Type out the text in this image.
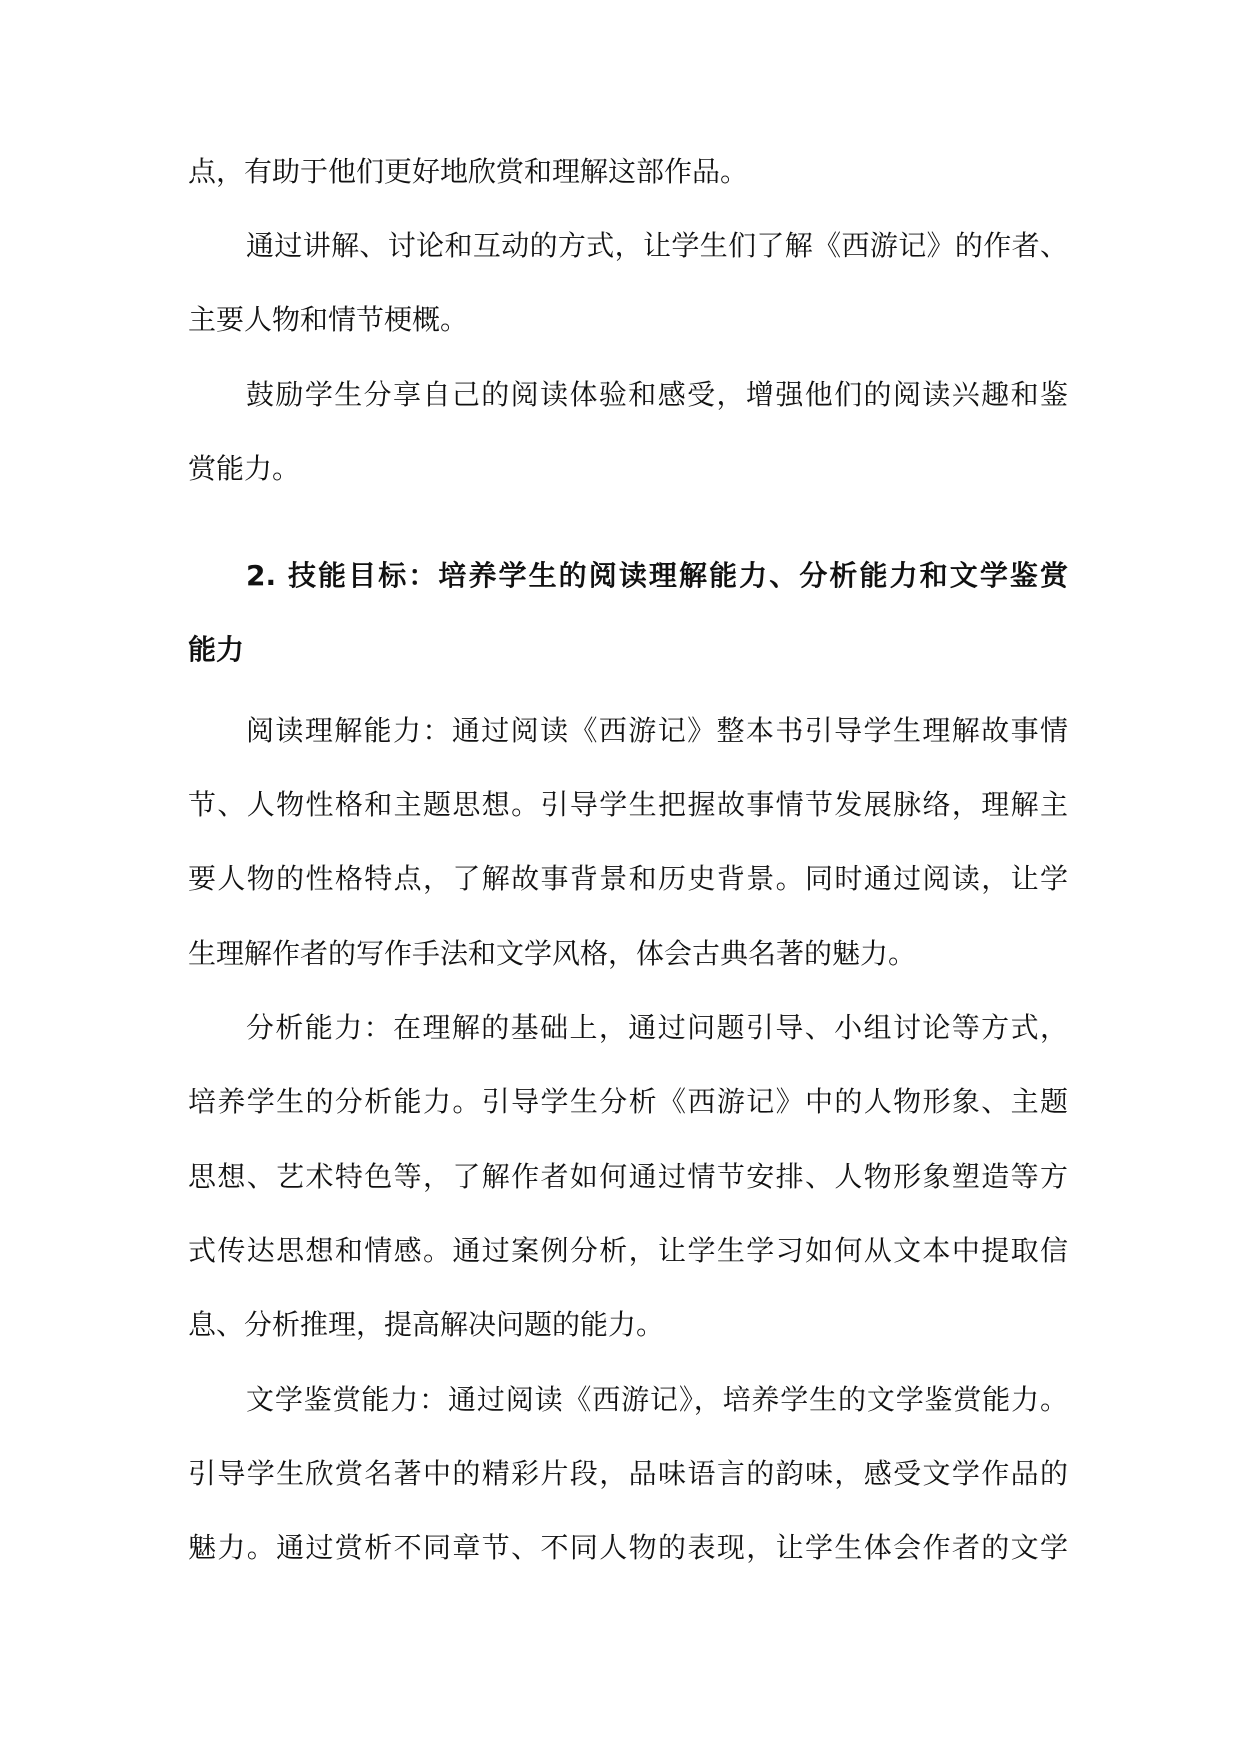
点，有助于他们更好地欣赏和理解这部作品。
通过讲解、讨论和互动的方式，让学生们了解《西游记》的作者、
主要人物和情节梗概。
鼓励学生分享自己的阅读体验和感受，增强他们的阅读兴趣和鉴
赏能力。
2. 技能目标：培养学生的阅读理解能力、分析能力和文学鉴赏
能力
阅读理解能力：通过阅读《西游记》整本书引导学生理解故事情
节、人物性格和主题思想。引导学生把握故事情节发展脉络，理解主
要人物的性格特点，了解故事背景和历史背景。同时通过阅读，让学
生理解作者的写作手法和文学风格，体会古典名著的魅力。
分析能力：在理解的基础上，通过问题引导、小组讨论等方式，
培养学生的分析能力。引导学生分析《西游记》中的人物形象、主题
思想、艺术特色等，了解作者如何通过情节安排、人物形象塑造等方
式传达思想和情感。通过案例分析，让学生学习如何从文本中提取信
息、分析推理，提高解决问题的能力。
文学鉴赏能力：通过阅读《西游记》，培养学生的文学鉴赏能力。
引导学生欣赏名著中的精彩片段，品味语言的韵味，感受文学作品的
魅力。通过赏析不同章节、不同人物的表现，让学生体会作者的文学
